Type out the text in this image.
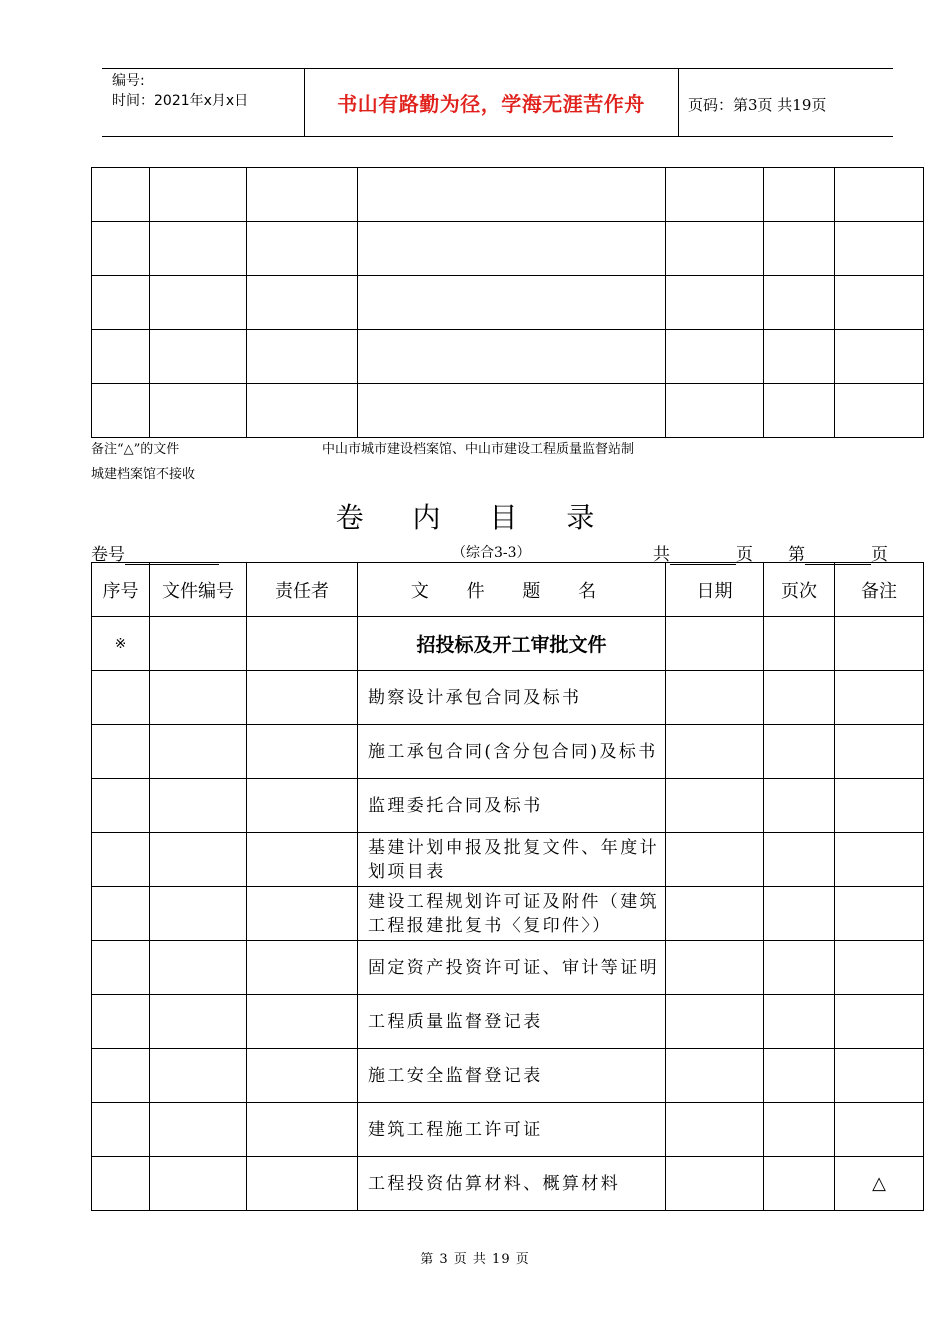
编号:
时间：2021年x月x日	书山有路勤为径，学海无涯苦作舟	页码：第3页 共19页

备注“△”的文件
城建档案馆不接收
中山市城市建设档案馆、中山市建设工程质量监督站制
卷 内 目 录
卷号	（综合3-3）	共	页 第	页
序号	文件编号	责任者	文 件 题 名	日期	页次	备注
※			招投标及开工审批文件			
			勘察设计承包合同及标书			
			施工承包合同(含分包合同)及标书			
			监理委托合同及标书			
			基建计划申报及批复文件、年度计划项目表			
			建设工程规划许可证及附件（建筑工程报建批复书〈复印件〉）			
			固定资产投资许可证、审计等证明			
			工程质量监督登记表			
			施工安全监督登记表			
			建筑工程施工许可证			
			工程投资估算材料、概算材料			△
第 3 页 共 19 页
